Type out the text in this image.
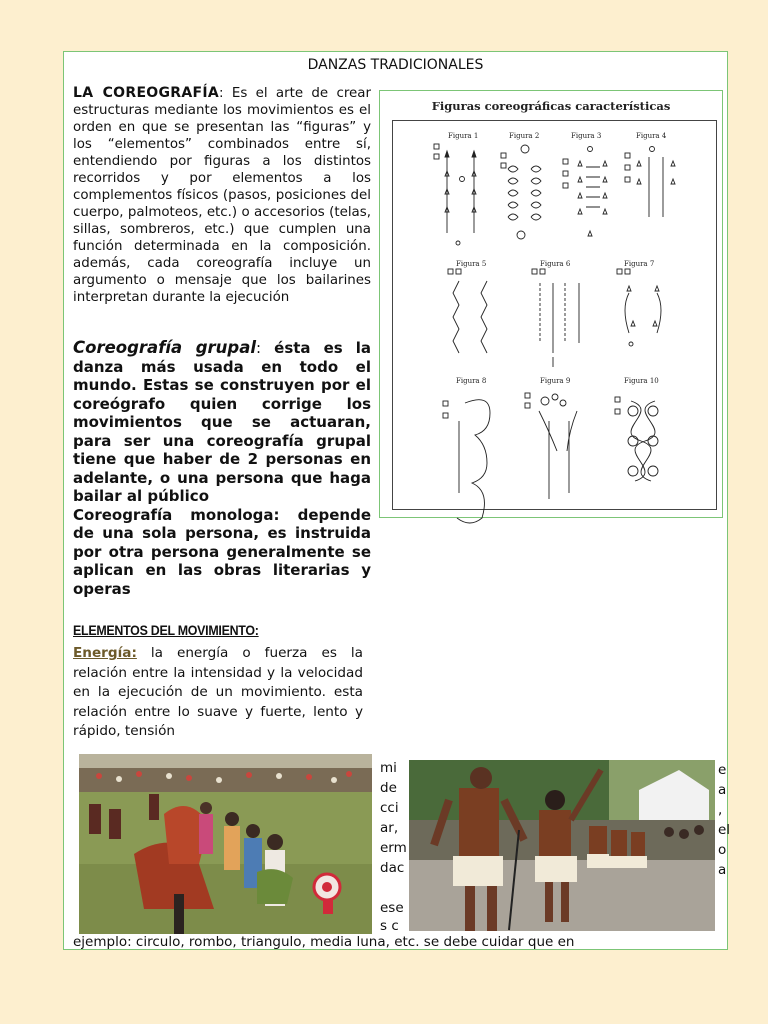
DANZAS TRADICIONALES
LA COREOGRAFÍA: Es el arte de crear estructuras mediante los movimientos es el orden en que se presentan las “figuras” y los “elementos” combinados entre sí, entendiendo por figuras a los distintos recorridos y por elementos a los complementos físicos (pasos, posiciones del cuerpo, palmoteos, etc.) o accesorios (telas, sillas, sombreros, etc.) que cumplen una función determinada en la composición. además, cada coreografía incluye un argumento o mensaje que los bailarines interpretan durante la ejecución
Coreografía grupal: ésta es la danza más usada en todo el mundo. Estas se construyen por el coreógrafo quien corrige los movimientos que se actuaran, para ser una coreografía grupal tiene que haber de 2 personas en adelante, o una persona que haga bailar al público
Coreografía monologa: depende de una sola persona, es instruida por otra persona generalmente se aplican en las obras literarias y operas
ELEMENTOS DEL MOVIMIENTO:
Energía: la energía o fuerza es la relación entre la intensidad y la velocidad en la ejecución de un movimiento. esta relación entre lo suave y fuerte, lento y rápido, tensión
Figuras coreográficas características
Figura 1	Figura 2	Figura 3	Figura 4
Figura 5	Figura 6	Figura 7
Figura 8	Figura 9	Figura 10
mi
de
cci
ar,
erm
dac
ese
s c
e
a
,
el
o
a
ejemplo: circulo, rombo, triangulo, media luna, etc. se debe cuidar que en
